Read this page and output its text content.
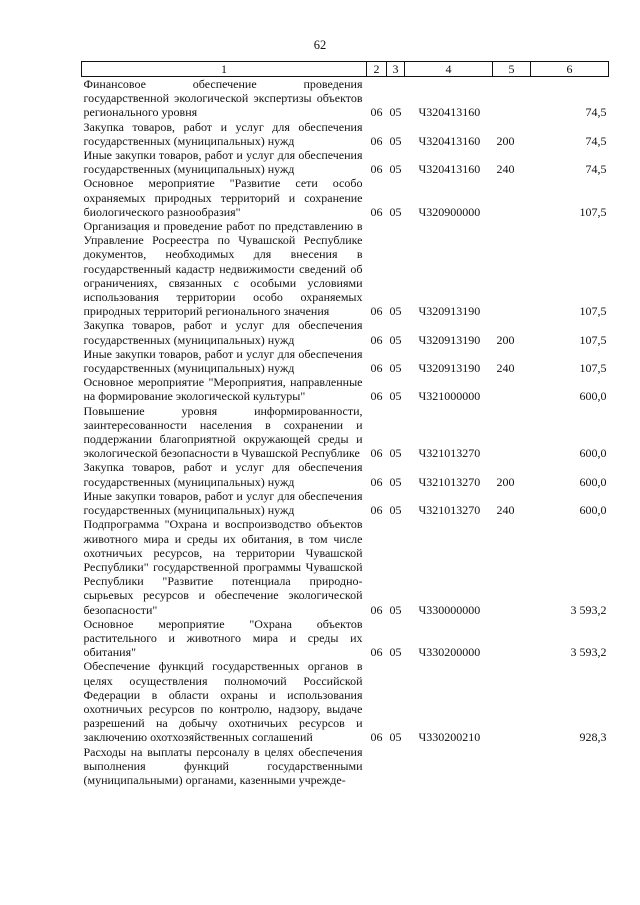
62
1	2	3	4	5	6
Финансовое обеспечение проведения государственной экологической экспертизы объектов регионального уровня	06	05	Ч320413160		74,5
Закупка товаров, работ и услуг для обеспечения государственных (муниципальных) нужд	06	05	Ч320413160	200	74,5
Иные закупки товаров, работ и услуг для обеспечения государственных (муниципальных) нужд	06	05	Ч320413160	240	74,5
Основное мероприятие "Развитие сети особо охраняемых природных территорий и сохранение биологического разнообразия"	06	05	Ч320900000		107,5
Организация и проведение работ по представлению в Управление Росреестра по Чувашской Республике документов, необходимых для внесения в государственный кадастр недвижимости сведений об ограничениях, связанных с особыми условиями использования территории особо охраняемых природных территорий регионального значения	06	05	Ч320913190		107,5
Закупка товаров, работ и услуг для обеспечения государственных (муниципальных) нужд	06	05	Ч320913190	200	107,5
Иные закупки товаров, работ и услуг для обеспечения государственных (муниципальных) нужд	06	05	Ч320913190	240	107,5
Основное мероприятие "Мероприятия, направленные на формирование экологической культуры"	06	05	Ч321000000		600,0
Повышение уровня информированности, заинтересованности населения в сохранении и поддержании благоприятной окружающей среды и экологической безопасности в Чувашской Республике	06	05	Ч321013270		600,0
Закупка товаров, работ и услуг для обеспечения государственных (муниципальных) нужд	06	05	Ч321013270	200	600,0
Иные закупки товаров, работ и услуг для обеспечения государственных (муниципальных) нужд	06	05	Ч321013270	240	600,0
Подпрограмма "Охрана и воспроизводство объектов животного мира и среды их обитания, в том числе охотничьих ресурсов, на территории Чувашской Республики" государственной программы Чувашской Республики "Развитие потенциала природно-сырьевых ресурсов и обеспечение экологической безопасности"	06	05	Ч330000000		3 593,2
Основное мероприятие "Охрана объектов растительного и животного мира и среды их обитания"	06	05	Ч330200000		3 593,2
Обеспечение функций государственных органов в целях осуществления полномочий Российской Федерации в области охраны и использования охотничьих ресурсов по контролю, надзору, выдаче разрешений на добычу охотничьих ресурсов и заключению охотхозяйственных соглашений	06	05	Ч330200210		928,3
Расходы на выплаты персоналу в целях обеспечения выполнения функций государственными (муниципальными) органами, казенными учрежде-					
